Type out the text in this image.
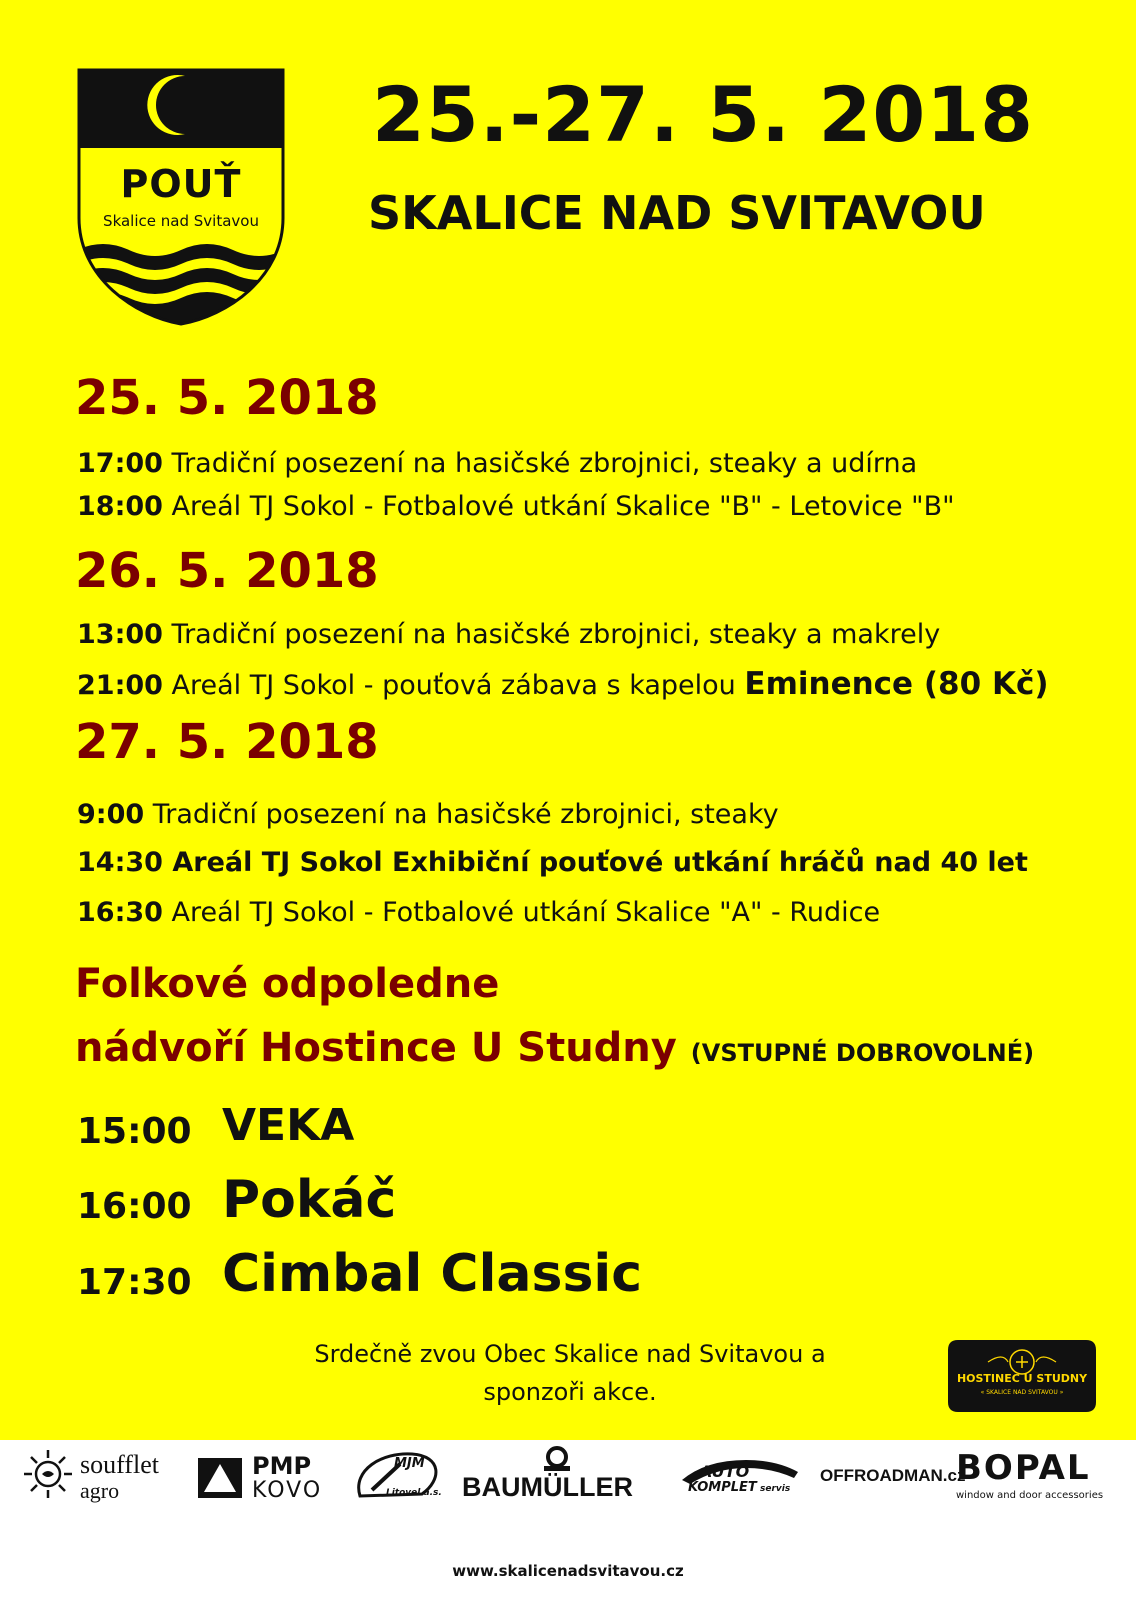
POUŤ
Skalice nad Svitavou
25.-27. 5. 2018
SKALICE NAD SVITAVOU
25. 5. 2018
17:00 Tradiční posezení na hasičské zbrojnici, steaky a udírna
18:00 Areál TJ Sokol - Fotbalové utkání Skalice "B" - Letovice "B"
26. 5. 2018
13:00 Tradiční posezení na hasičské zbrojnici, steaky a makrely
21:00 Areál TJ Sokol - pouťová zábava s kapelou Eminence (80 Kč)
27. 5. 2018
9:00 Tradiční posezení na hasičské zbrojnici, steaky
14:30 Areál TJ Sokol Exhibiční pouťové utkání hráčů nad 40 let
16:30 Areál TJ Sokol - Fotbalové utkání Skalice "A" - Rudice
Folkové odpoledne
nádvoří Hostince U Studny (VSTUPNÉ DOBROVOLNÉ)
15:00 VEKA
16:00 Pokáč
17:30 Cimbal Classic
Srdečně zvou Obec Skalice nad Svitavou a
sponzoři akce.	HOSTINEC U STUDNY
« SKALICE NAD SVITAVOU »
soufflet
agro
PMP
KOVO
MJM
Litovel a.s. BAUMÜLLER
AUTO
KOMPLET servis
OFFROADMAN.cz
BOPAL
window and door accessories
www.skalicenadsvitavou.cz
